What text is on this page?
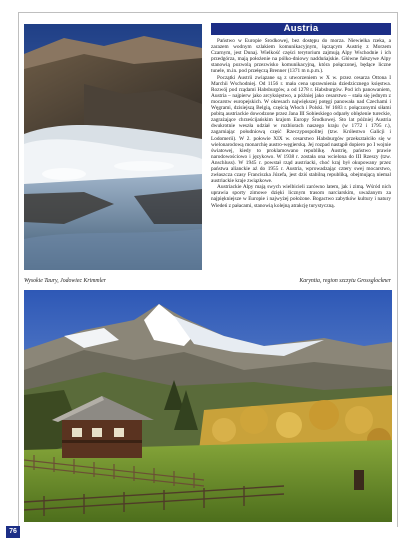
Austria

Państwo w Europie Środkowej, bez dostępu do morza. Niewielka rzeka, a zarazem wodnym szlakiem komunikacyjnym, łączącym Austrię z Morzem Czarnym, jest Dunaj. Wielkość części terytorium zajmują Alpy Wschodnie i ich przedgórza, mają położenie na pólko-dniowy nadduńajskie. Główne fałszywe Alpy stanowią pozwolą przezwisko komunikacyjną, która połączonej, będące liczne tunele, m.in. pod przełęczą Brenner (1371 m n.p.m.).

Początki Austrii związane są z utworzeniem w X w. przez cesarza Ottona I Marchii Wschodniej. Od 1156 r. mała cena uprawnienia dziedzicznego księstwa. Rozwój pod rządami Habsburgów, a od 1278 r. Habsburgów. Pod ich panowaniem, Austria – najpierw jako arcyksięstwo, a później jako cesarstwo – stała się jednym z mocarstw europejskich. W okresach największej potęgi panowała nad Czechami i Węgrami, dzisiejszą Belgią, częścią Włoch i Polski. W 1683 r. połączonymi siłami pobitą austriackie dowodzone przez Jana III Sobieskiego odparły oblężenie tureckie, zagrażające chrześcijańskim krajom Europy Środkowej. Sto lat później Austria dwukrotnie weszła udział w rozbiorach naszego kraju (w 1772 i 1795 r.), zagarniając południową część Rzeczypospolitej (tzw. Królestwo Galicji i Lodomerii). W 2. połowie XIX w. cesarstwo Habsburgów przekształciło się w wielonarodową monarchię austro-węgierską. Jej rozpad nastąpił dopiero po I wojnie światowej, kiedy to proklamowano republikę. Austrię, państwo prawie narodowościowo i językowo. W 1938 r. została ona wcielona do III Rzeszy (tzw. Anschluss). W 1945 r. powstał rząd austriacki, choć kraj był okupowany przez państwa alianckie aż do 1955 r. Austria, wprowadzając cztery swej mocarstwo, zwłaszcza czasy Franciszka Józefa, jest dziś stabilną republiką, obejmującą niemal austriackie kraje związkowe.

Austriackie Alpy mają swych wielbicieli zarówno latem, jak i zimą. Wśród nich uprawia sporty zimowe dzięki licznym trasom narciarskim, uważanym za najpiękniejsze w Europie i najwyżej położone. Bogactwo zabytków kultury i natury Wiedeń z pałacami, stanowią kolejną atrakcję turystyczną.

Wysokie Taury, Jodowiec Krimmler	Karyntia, region szczytu Grossglockner
76
